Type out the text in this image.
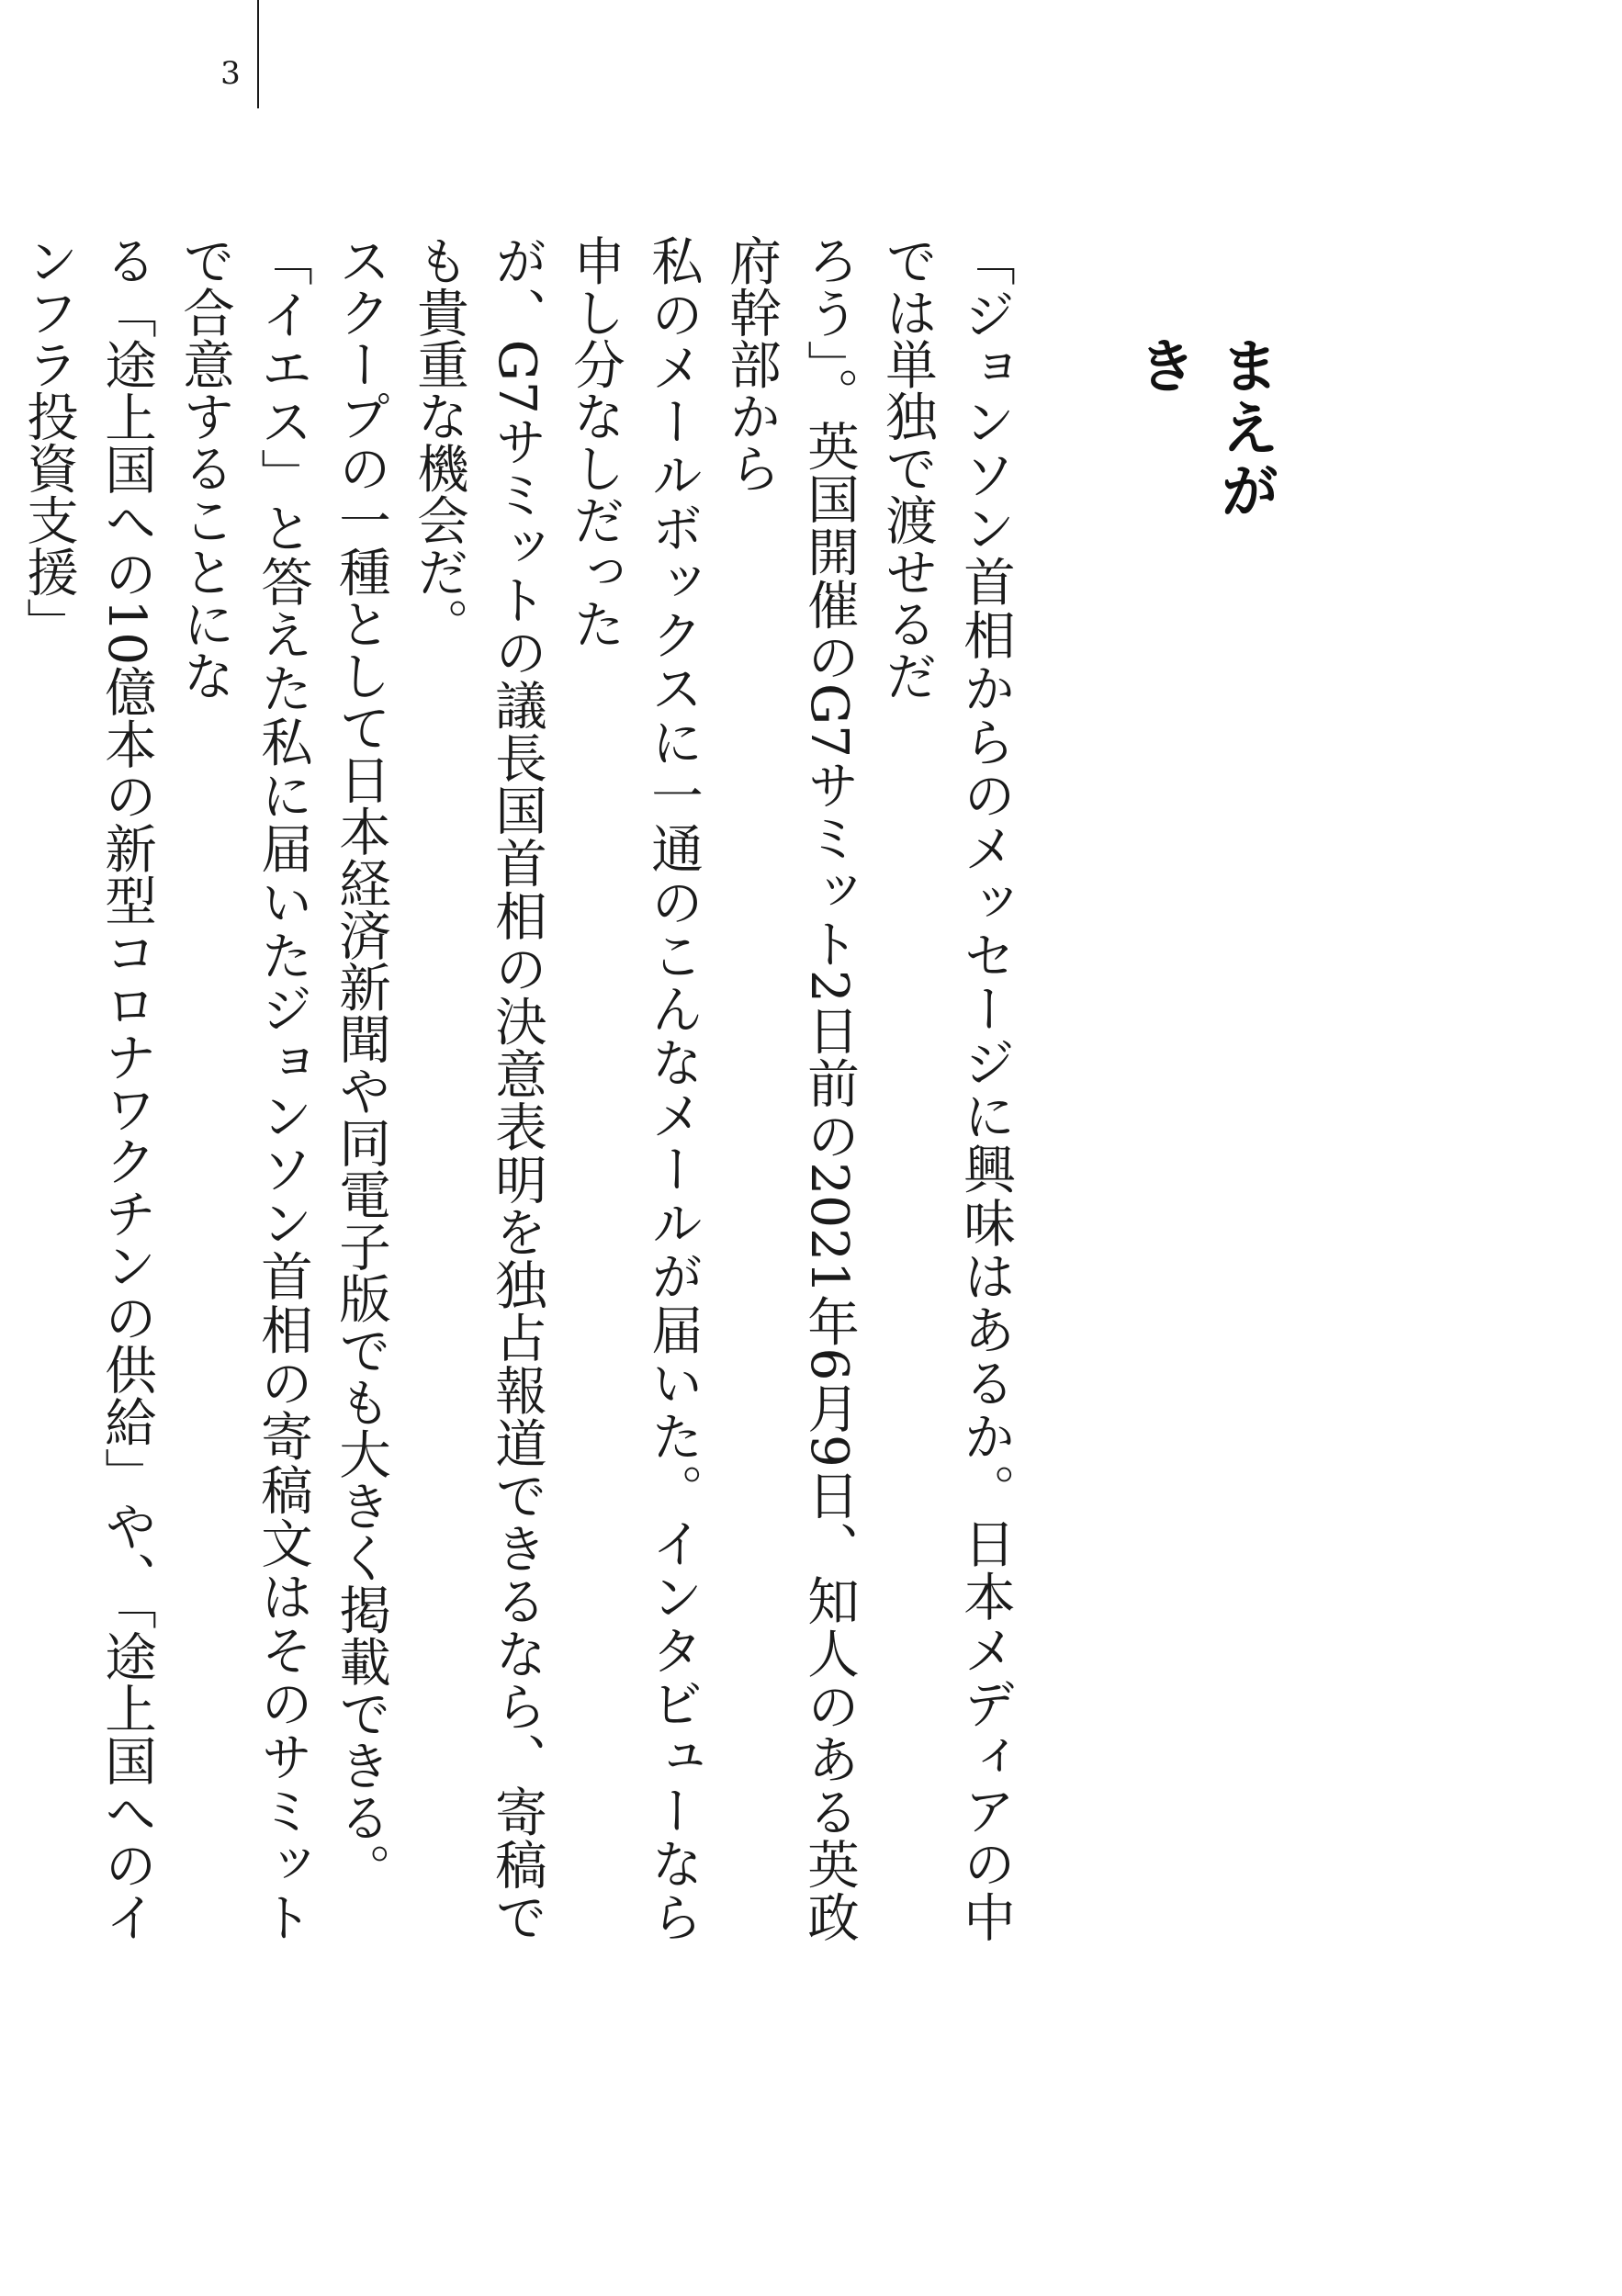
3
まえがき
「ジョンソン首相からのメッセージに興味はあるか。日本メディアの中では単独で渡せるだ
ろう」。英国開催のG7サミット2日前の2021年6月9日、知人のある英政府幹部から
私のメールボックスに一通のこんなメールが届いた。インタビューなら申し分なしだった
が、G7サミットの議長国首相の決意表明を独占報道できるなら、寄稿でも貴重な機会だ。
スクープの一種として日本経済新聞や同電子版でも大きく掲載できる。
「イエス」と答えた私に届いたジョンソン首相の寄稿文はそのサミットで合意することにな
る「途上国への10億本の新型コロナワクチンの供給」や、「途上国へのインフラ投資支援」
